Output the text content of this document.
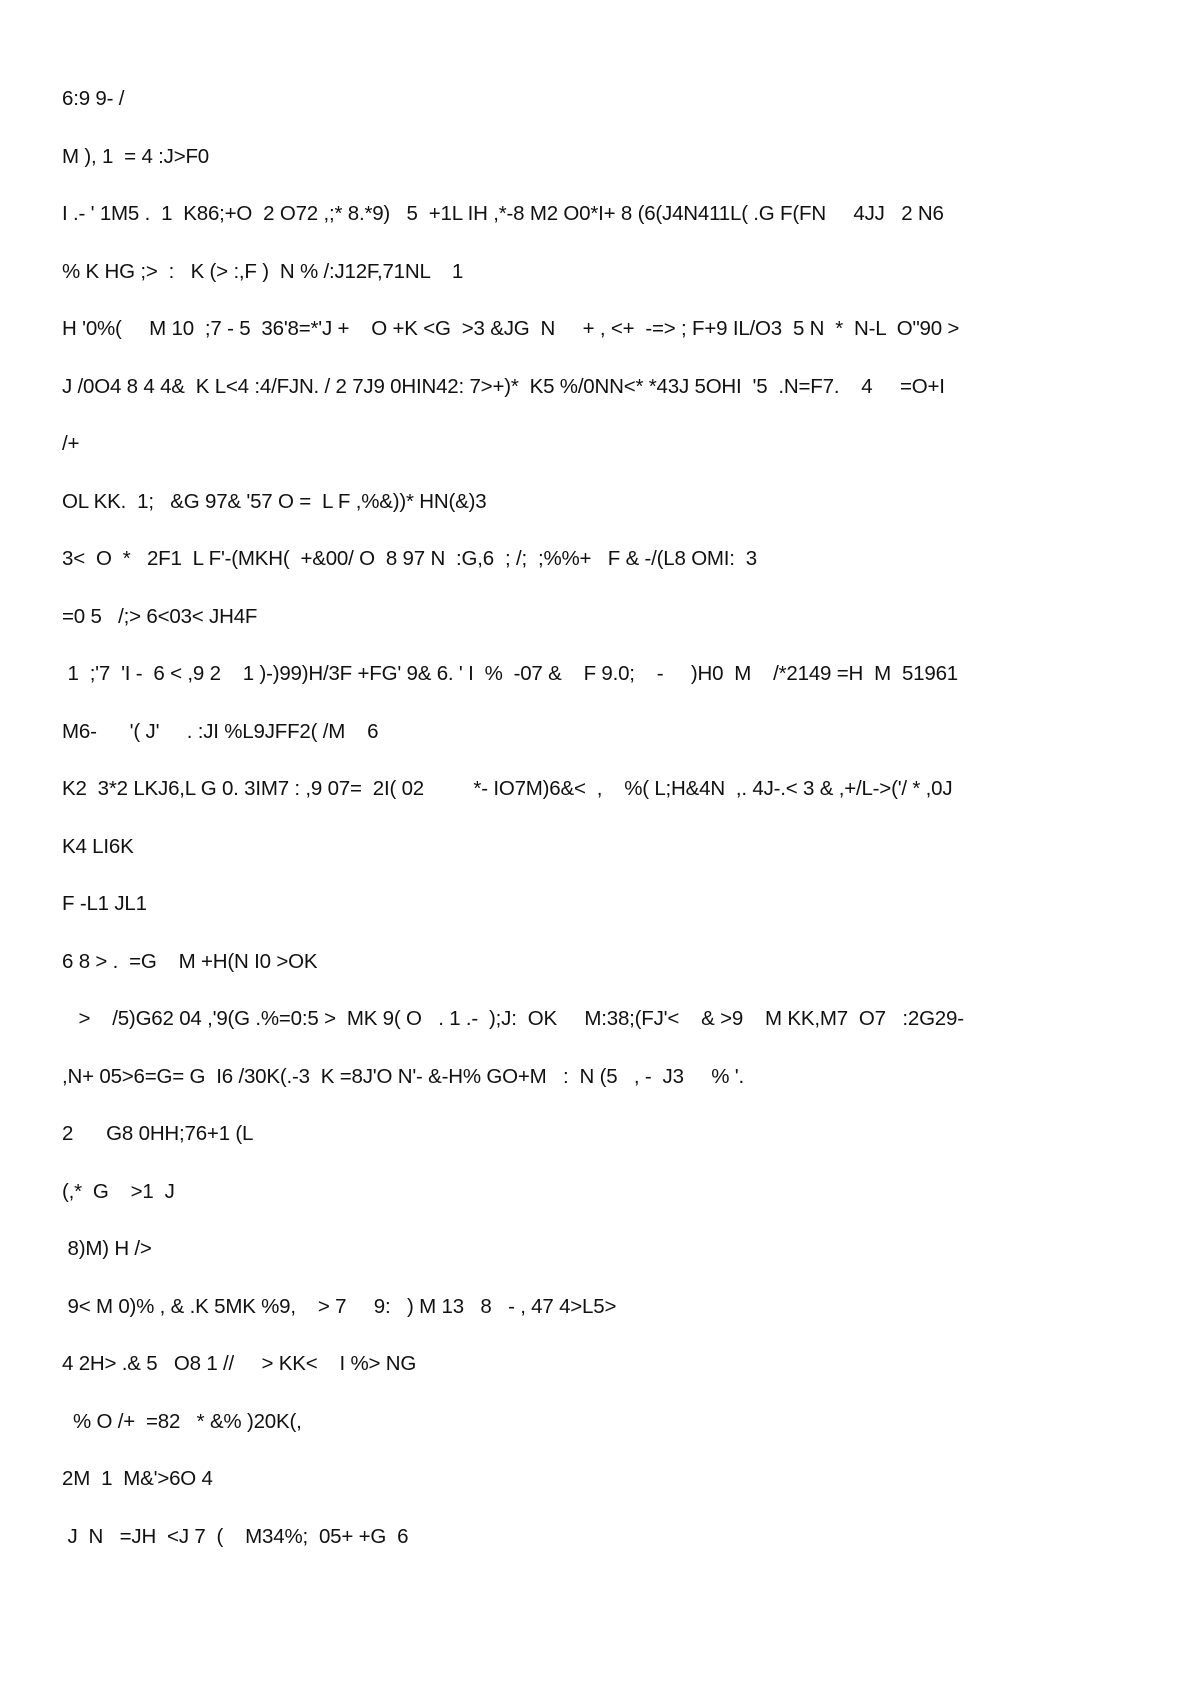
6:9 9- /
M ), 1  = 4 :J>F0
I .- ' 1M5 .  1  K86;+O  2 O72 ,;* 8.*9)   5  +1L IH ,*-8 M2 O0*I+ 8 (6(J4N411L( .G F(FN     4JJ   2 N6
% K HG ;>  :   K (> :,F )  N % /:J12F,71NL    1
H '0%(     M 10  ;7 - 5  36'8=*'J +    O +K <G  >3 &JG  N     + , <+  -=> ; F+9 IL/O3  5 N  *  N-L  O"90 >
J /0O4 8 4 4&  K L<4 :4/FJN. / 2 7J9 0HIN42: 7>+)*  K5 %/0NN<* *43J 5OHI  '5  .N=F7.    4     =O+I
/+
OL KK.  1;   &G 97& '57 O =  L F ,%&))* HN(&)3
3<  O  *   2F1  L F'-(MKH(  +&00/ O  8 97 N  :G,6  ; /;  ;%%+   F & -/(L8 OMI:  3
=0 5   /;> 6<03< JH4F
1  ;'7  'I -  6 < ,9 2    1 )-)99)H/3F +FG' 9& 6. ' I  %  -07 &    F 9.0;    -     )H0  M    /*2149 =H  M  51961
M6-      '( J'     . :JI %L9JFF2( /M    6
K2  3*2 LKJ6,L G 0. 3IM7 : ,9 07=  2I( 02         *- IO7M)6&<  ,    %( L;H&4N  ,. 4J-.< 3 & ,+/L->('/ * ,0J
K4 LI6K
F -L1 JL1
6 8 > .  =G    M +H(N I0 >OK
>    /5)G62 04 ,'9(G .%=0:5 >  MK 9( O   . 1 .-  );J:  OK     M:38;(FJ'<    & >9    M KK,M7  O7   :2G29-
,N+ 05>6=G= G  I6 /30K(.-3  K =8J'O N'- &-H% GO+M   :  N (5   , -  J3     % '.
2      G8 0HH;76+1 (L
(,*  G    >1  J
8)M) H />
9< M 0)% , & .K 5MK %9,    > 7     9:   ) M 13   8   - , 47 4>L5>
4 2H> .& 5   O8 1 //     > KK<    I %> NG
% O /+  =82   * &% )20K(,
2M  1  M&'>6O 4
J  N   =JH  <J 7  (    M34%;  05+ +G  6
